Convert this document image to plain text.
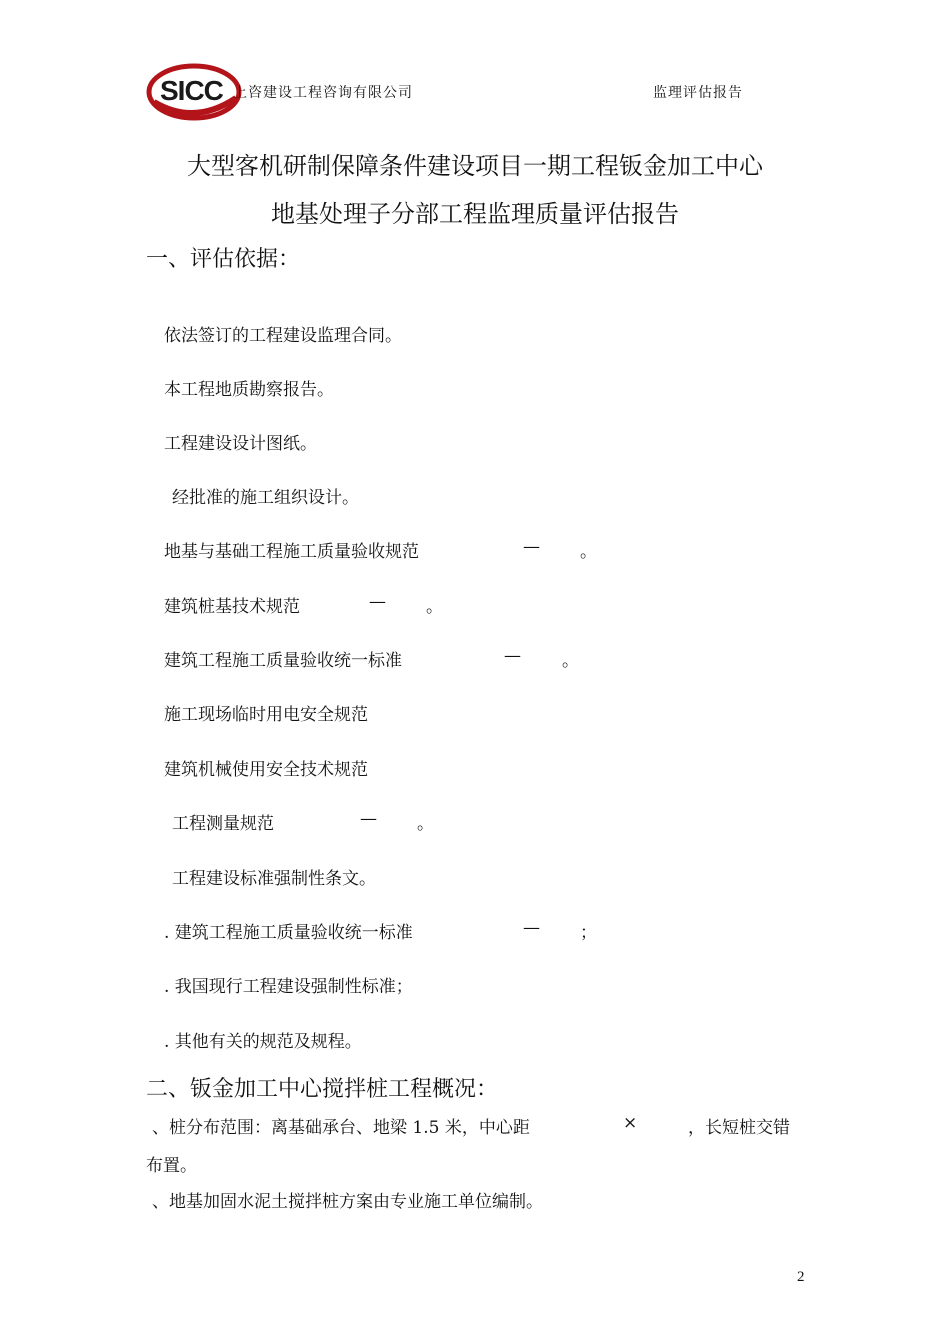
SICC 上咨建设工程咨询有限公司	监理评估报告
大型客机研制保障条件建设项目一期工程钣金加工中心
地基处理子分部工程监理质量评估报告
一、评估依据：
依法签订的工程建设监理合同。
本工程地质勘察报告。
工程建设设计图纸。
经批准的施工组织设计。
地基与基础工程施工质量验收规范	— 。
建筑桩基技术规范	— 。
建筑工程施工质量验收统一标准	— 。
施工现场临时用电安全规范
建筑机械使用安全技术规范
工程测量规范	— 。
工程建设标准强制性条文。
. 建筑工程施工质量验收统一标准	— ；
. 我国现行工程建设强制性标准；
. 其他有关的规范及规程。
二、钣金加工中心搅拌桩工程概况：
、桩分布范围：离基础承台、地梁 1.5 米，中心距	×	，长短桩交错
布置。
、地基加固水泥土搅拌桩方案由专业施工单位编制。
2
